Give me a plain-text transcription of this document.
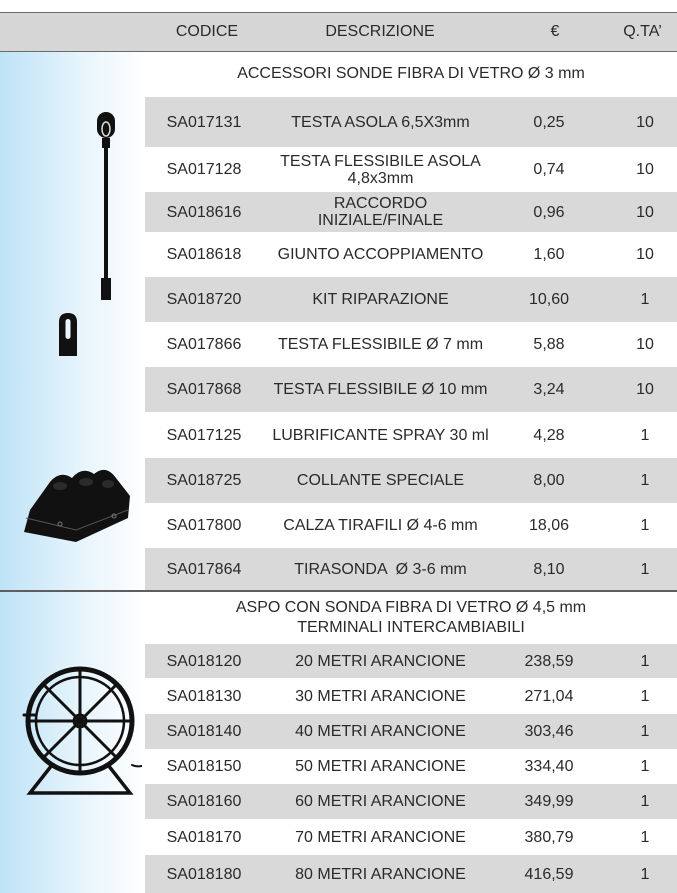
CODICE	DESCRIZIONE	€	Q.TA’
ACCESSORI SONDE FIBRA DI VETRO Ø 3 mm
ASPO CON SONDA FIBRA DI VETRO Ø 4,5 mm
TERMINALI INTERCAMBIABILI
SA017131	TESTA ASOLA 6,5X3mm	0,25	10
SA017128	TESTA FLESSIBILE ASOLA 4,8x3mm	0,74	10
SA018616	RACCORDO INIZIALE/FINALE	0,96	10
SA018618	GIUNTO ACCOPPIAMENTO	1,60	10
SA018720	KIT RIPARAZIONE	10,60	1
SA017866	TESTA FLESSIBILE Ø 7 mm	5,88	10
SA017868	TESTA FLESSIBILE Ø 10 mm	3,24	10
SA017125	LUBRIFICANTE SPRAY 30 ml	4,28	1
SA018725	COLLANTE SPECIALE	8,00	1
SA017800	CALZA TIRAFILI Ø 4-6 mm	18,06	1
SA017864	TIRASONDA  Ø 3-6 mm	8,10	1
SA018120	20 METRI ARANCIONE	238,59	1
SA018130	30 METRI ARANCIONE	271,04	1
SA018140	40 METRI ARANCIONE	303,46	1
SA018150	50 METRI ARANCIONE	334,40	1
SA018160	60 METRI ARANCIONE	349,99	1
SA018170	70 METRI ARANCIONE	380,79	1
SA018180	80 METRI ARANCIONE	416,59	1
